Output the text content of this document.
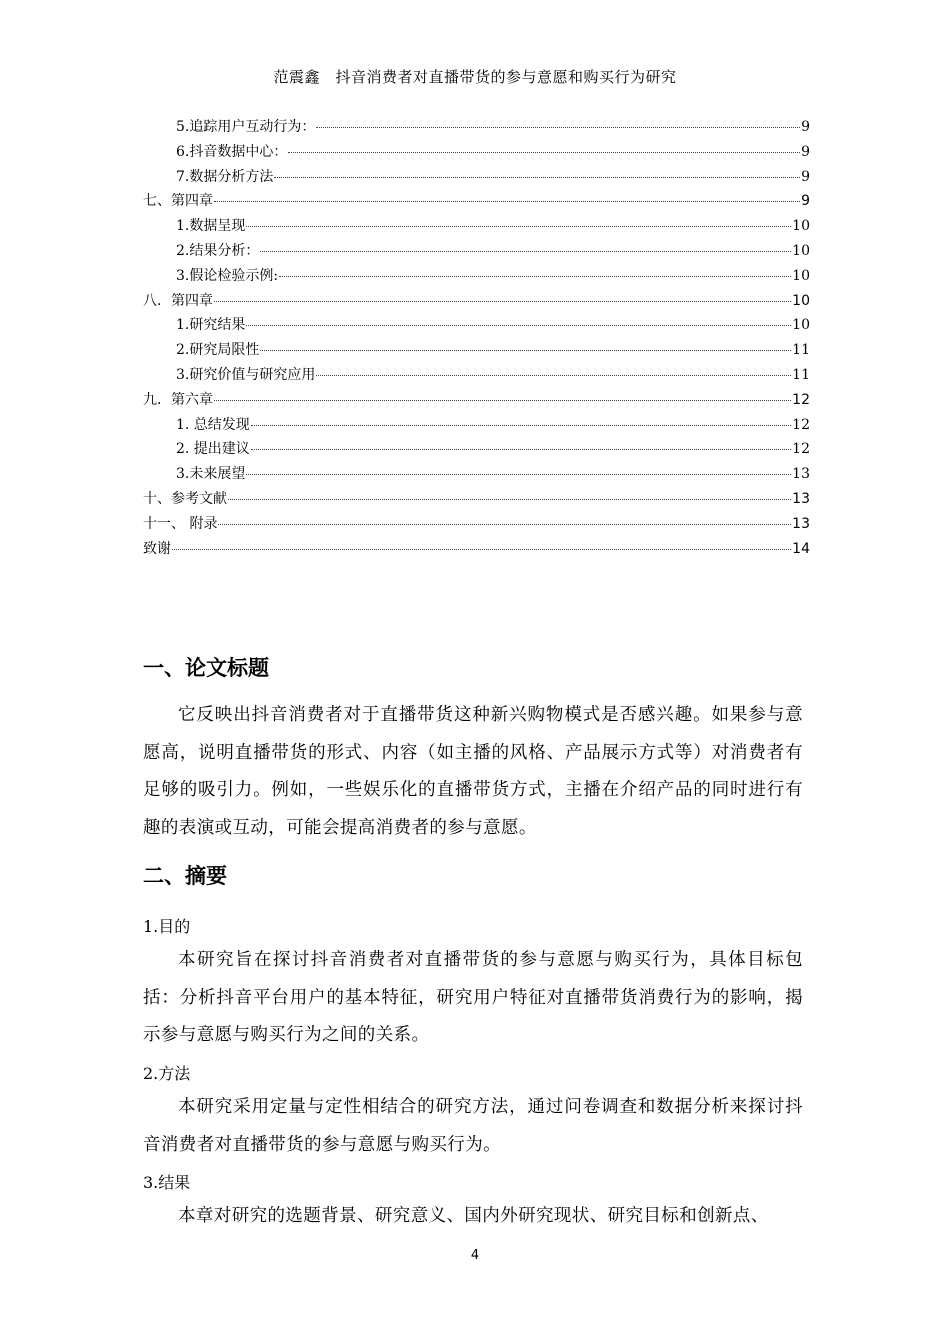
范震鑫　抖音消费者对直播带货的参与意愿和购买行为研究
5.追踪用户互动行为：	9
6.抖音数据中心：	9
7.数据分析方法	9
七、第四章	9
1.数据呈现	10
2.结果分析：	10
3.假论检验示例:	10
八．第四章	10
1.研究结果	10
2.研究局限性	11
3.研究价值与研究应用	11
九．第六章	12
1. 总结发现	12
2. 提出建议	12
3.未来展望	13
十、参考文献	13
十一、 附录	13
致谢	14
一、论文标题
它反映出抖音消费者对于直播带货这种新兴购物模式是否感兴趣。如果参与意愿高，说明直播带货的形式、内容（如主播的风格、产品展示方式等）对消费者有足够的吸引力。例如，一些娱乐化的直播带货方式，主播在介绍产品的同时进行有趣的表演或互动，可能会提高消费者的参与意愿。
二、摘要
1.目的
本研究旨在探讨抖音消费者对直播带货的参与意愿与购买行为，具体目标包括：分析抖音平台用户的基本特征，研究用户特征对直播带货消费行为的影响，揭示参与意愿与购买行为之间的关系。
2.方法
本研究采用定量与定性相结合的研究方法，通过问卷调查和数据分析来探讨抖音消费者对直播带货的参与意愿与购买行为。
3.结果
本章对研究的选题背景、研究意义、国内外研究现状、研究目标和创新点、
4
